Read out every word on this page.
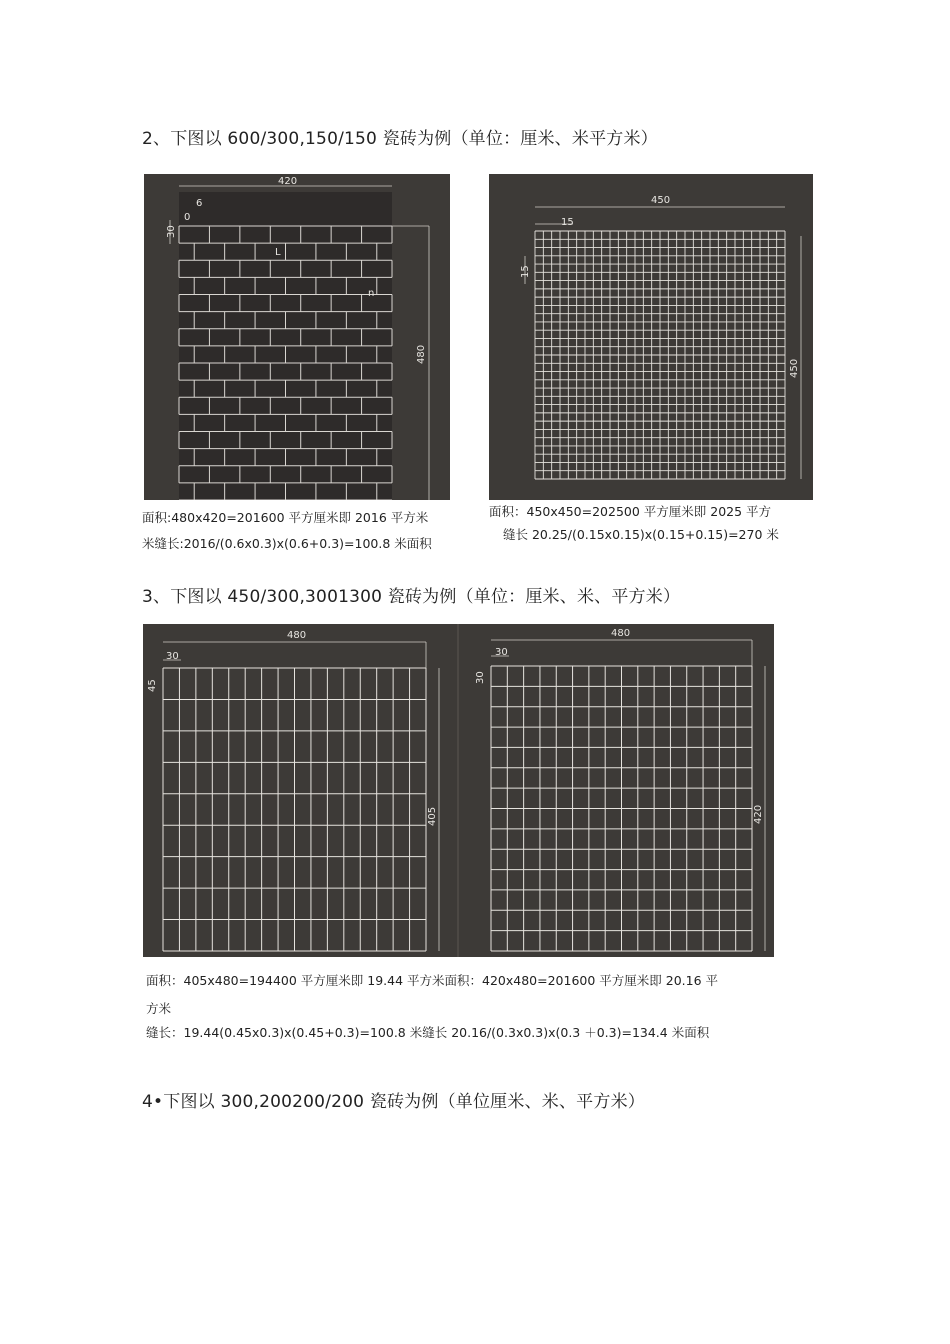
2、下图以 600/300,150/150 瓷砖为例（单位：厘米、米平方米）
420
480
30
6
0
n
L
450
15
15
450
面积:480x420=201600 平方厘米即 2016 平方米
米缝长:2016/(0.6x0.3)x(0.6+0.3)=100.8 米面积
面积：450x450=202500 平方厘米即 2025 平方
缝长 20.25/(0.15x0.15)x(0.15+0.15)=270 米
3、下图以 450/300,3001300 瓷砖为例（单位：厘米、米、平方米）
480
30
45
405
480
30
30
420
面积：405x480=194400 平方厘米即 19.44 平方米面积：420x480=201600 平方厘米即 20.16 平
方米
缝长：19.44(0.45x0.3)x(0.45+0.3)=100.8 米缝长 20.16/(0.3x0.3)x(0.3 ＋0.3)=134.4 米面积
4•下图以 300,200200/200 瓷砖为例（单位厘米、米、平方米）
